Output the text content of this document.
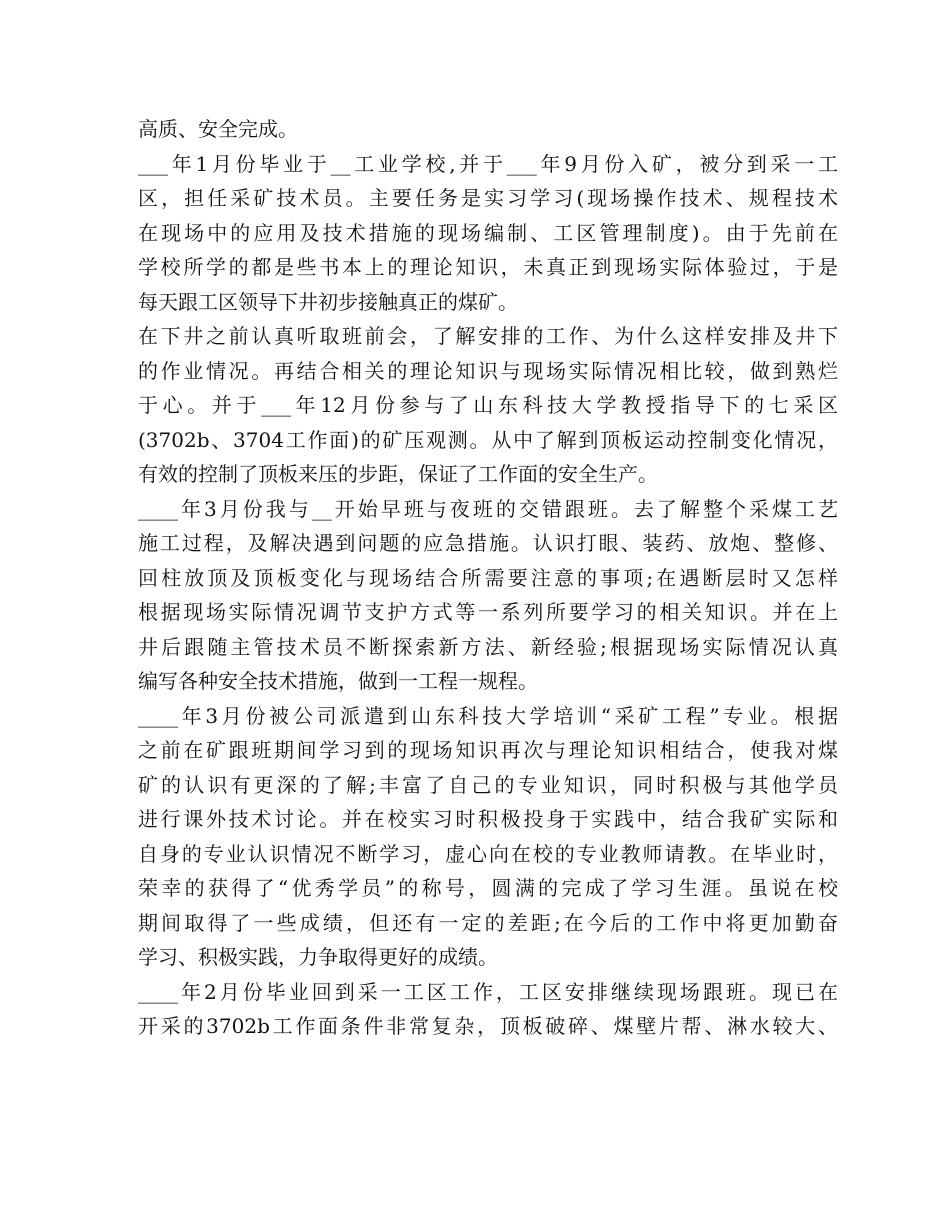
高质、安全完成。
___年1月份毕业于__工业学校,并于___年9月份入矿，被分到采一工
区，担任采矿技术员。主要任务是实习学习(现场操作技术、规程技术
在现场中的应用及技术措施的现场编制、工区管理制度)。由于先前在
学校所学的都是些书本上的理论知识，未真正到现场实际体验过，于是
每天跟工区领导下井初步接触真正的煤矿。
在下井之前认真听取班前会，了解安排的工作、为什么这样安排及井下
的作业情况。再结合相关的理论知识与现场实际情况相比较，做到熟烂
于心。并于___年12月份参与了山东科技大学教授指导下的七采区
(3702b、3704工作面)的矿压观测。从中了解到顶板运动控制变化情况，
有效的控制了顶板来压的步距，保证了工作面的安全生产。
____年3月份我与__开始早班与夜班的交错跟班。去了解整个采煤工艺
施工过程，及解决遇到问题的应急措施。认识打眼、装药、放炮、整修、
回柱放顶及顶板变化与现场结合所需要注意的事项;在遇断层时又怎样
根据现场实际情况调节支护方式等一系列所要学习的相关知识。并在上
井后跟随主管技术员不断探索新方法、新经验;根据现场实际情况认真
编写各种安全技术措施，做到一工程一规程。
____年3月份被公司派遣到山东科技大学培训“采矿工程”专业。根据
之前在矿跟班期间学习到的现场知识再次与理论知识相结合，使我对煤
矿的认识有更深的了解;丰富了自己的专业知识，同时积极与其他学员
进行课外技术讨论。并在校实习时积极投身于实践中，结合我矿实际和
自身的专业认识情况不断学习，虚心向在校的专业教师请教。在毕业时，
荣幸的获得了“优秀学员”的称号，圆满的完成了学习生涯。虽说在校
期间取得了一些成绩，但还有一定的差距;在今后的工作中将更加勤奋
学习、积极实践，力争取得更好的成绩。
____年2月份毕业回到采一工区工作，工区安排继续现场跟班。现已在
开采的3702b工作面条件非常复杂，顶板破碎、煤壁片帮、淋水较大、
